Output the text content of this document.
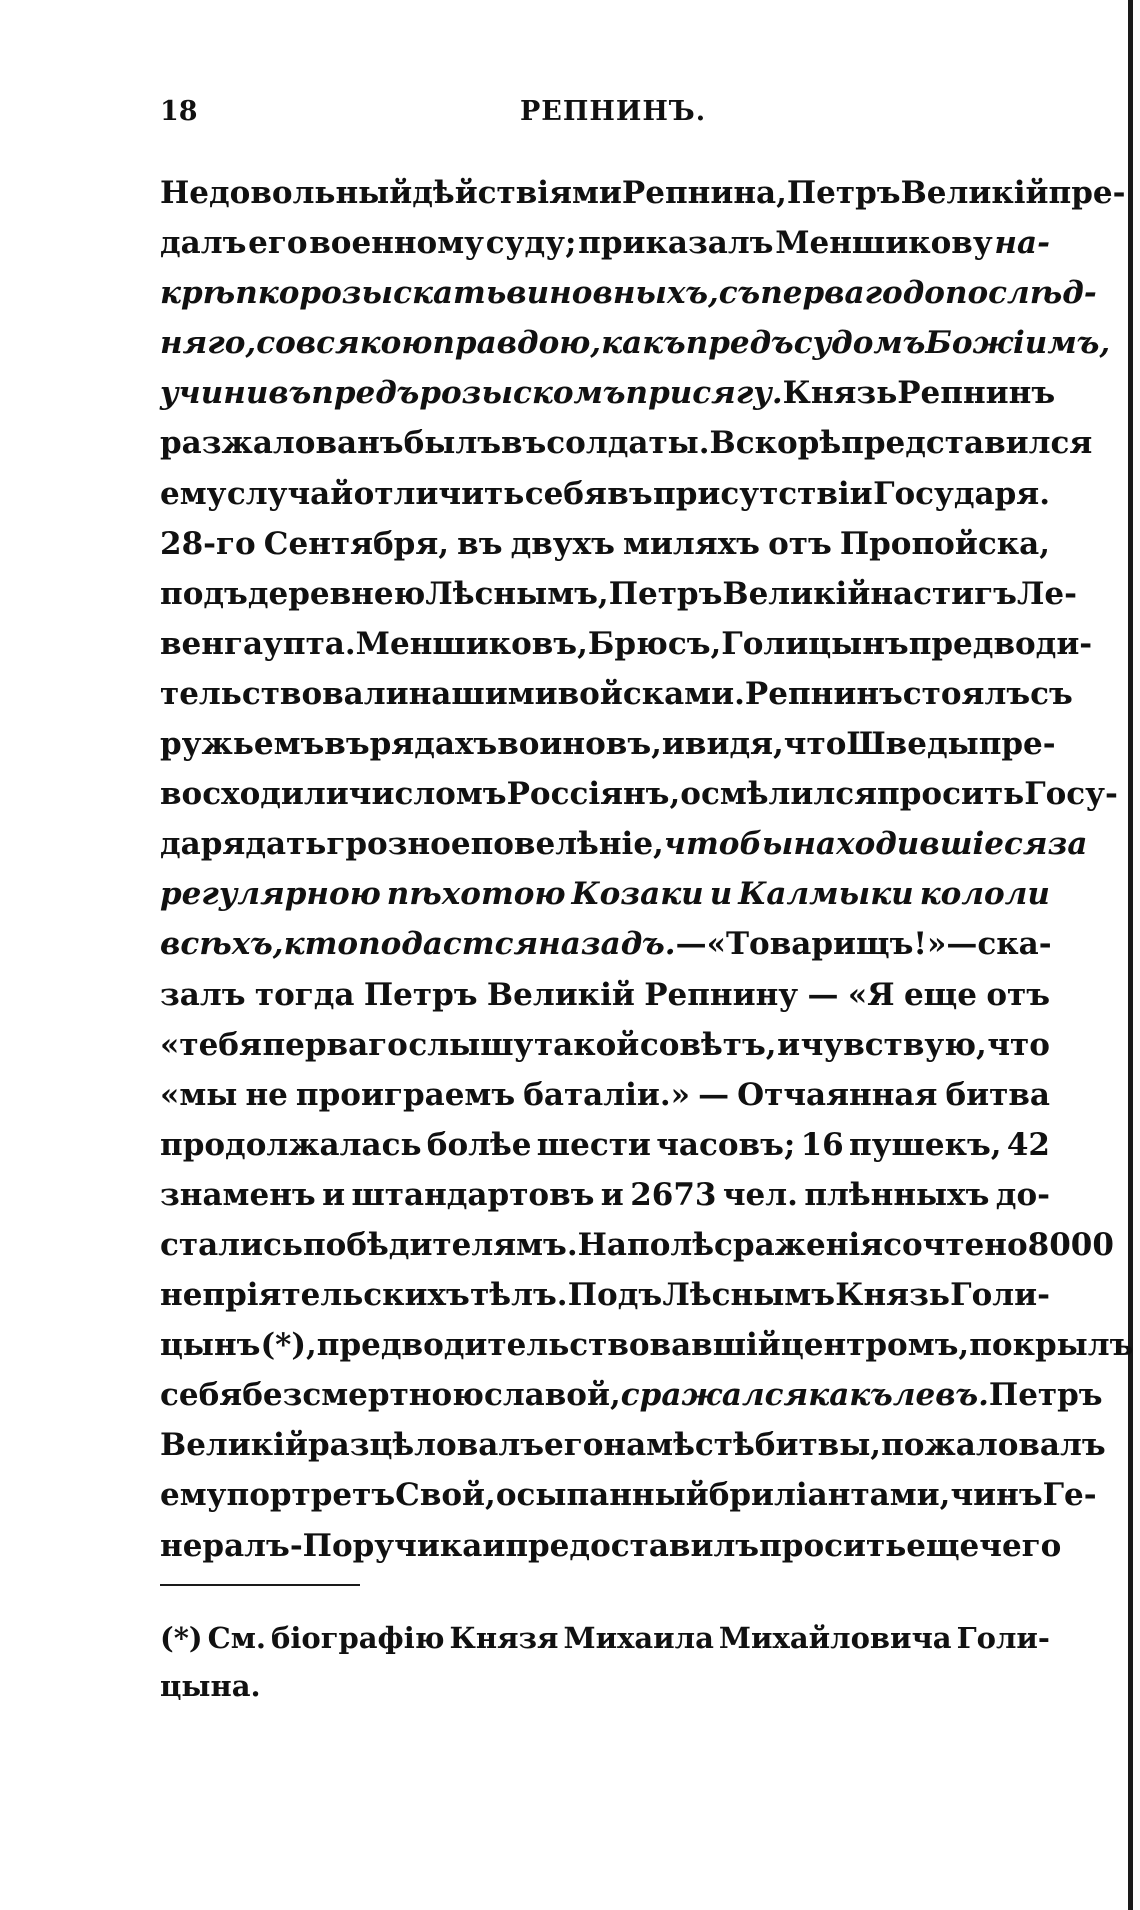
18	РЕПНИНЪ.
Недовольный дѣйствіями Репнина, Петръ Великій пре-
далъ его военному суду; приказалъ Меншикову на-
крѣпко розыскать виновныхъ, съ перваго до послѣд-
няго, со всякою правдою, какъ предъ судомъ Божіимъ,
учинивъ предъ розыскомъ присягу. Князь Репнинъ
разжалованъ былъ въ солдаты. Вскорѣ представился
ему случай отличить себя въ присутствіи Государя.
28-го Сентября, въ двухъ миляхъ отъ Пропойска,
подъ деревнею Лѣснымъ, Петръ Великій настигъ Ле-
венгаупта. Меншиковъ, Брюсъ, Голицынъ предводи-
тельствовали нашими войсками. Репнинъ стоялъ съ
ружьемъ въ рядахъ воиновъ, и видя, что Шведы пре-
восходили числомъ Россіянъ, осмѣлился просить Госу-
даря дать грозное повелѣніе, чтобы находившіеся за
регулярною пѣхотою Козаки и Калмыки кололи
всѣхъ, кто подастся назадъ. — «Товарищъ!» — ска-
залъ тогда Петръ Великій Репнину — «Я еще отъ
«тебя перваго слышу такой совѣтъ, и чувствую, что
«мы не проиграемъ баталіи.» — Отчаянная битва
продолжалась болѣе шести часовъ; 16 пушекъ, 42
знаменъ и штандартовъ и 2673 чел. плѣнныхъ до-
стались побѣдителямъ. На полѣ сраженія сочтено 8000
непріятельскихъ тѣлъ. Подъ Лѣснымъ Князь Голи-
цынъ (*), предводительствовавшій центромъ, покрылъ
себя безсмертною славой, сражался какъ левъ. Петръ
Великій разцѣловалъ его на мѣстѣ битвы, пожаловалъ
ему портретъ Свой, осыпанный бриліантами, чинъ Ге-
нералъ-Поручика и предоставилъ просить еще чего
(*) См. біографію Князя Михаила Михайловича Голи-
цына.
